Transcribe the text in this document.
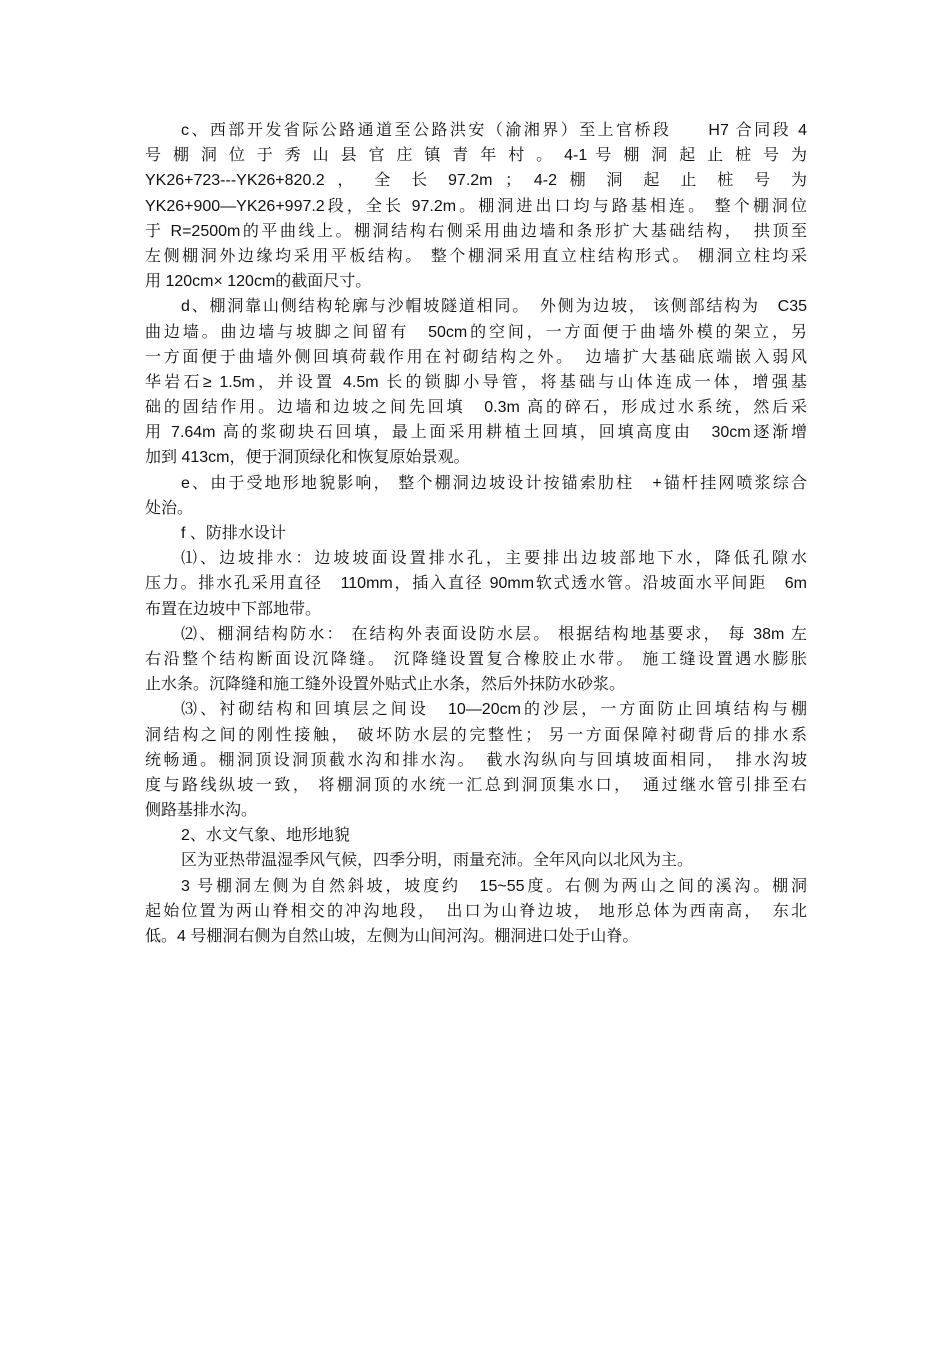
c、西部开发省际公路通道至公路洪安（渝湘界）至上官桥段　　H7 合同段 4
号 棚 洞 位 于 秀 山 县 官 庄 镇 青 年 村 。 4-1 号 棚 洞 起 止 桩 号 为
YK26+723---YK26+820.2 ， 全 长 97.2m ； 4-2 棚 洞 起 止 桩 号 为
YK26+900—YK26+997.2段，全长 97.2m。棚洞进出口均与路基相连。 整个棚洞位
于 R=2500m的平曲线上。棚洞结构右侧采用曲边墙和条形扩大基础结构，　拱顶至
左侧棚洞外边缘均采用平板结构。 整个棚洞采用直立柱结构形式。 棚洞立柱均采
用 120cm× 120cm的截面尺寸。
d、棚洞靠山侧结构轮廓与沙帽坡隧道相同。　外侧为边坡， 该侧部结构为　C35
曲边墙。曲边墙与坡脚之间留有　50cm的空间，一方面便于曲墙外模的架立，另
一方面便于曲墙外侧回填荷载作用在衬砌结构之外。　边墙扩大基础底端嵌入弱风
华岩石≥ 1.5m，并设置 4.5m 长的锁脚小导管，将基础与山体连成一体，增强基
础的固结作用。边墙和边坡之间先回填　0.3m 高的碎石，形成过水系统，然后采
用 7.64m 高的浆砌块石回填，最上面采用耕植土回填，回填高度由　30cm逐渐增
加到 413cm，便于洞顶绿化和恢复原始景观。
e、由于受地形地貌影响， 整个棚洞边坡设计按锚索肋柱　+锚杆挂网喷浆综合
处治。
f 、防排水设计
⑴、边坡排水：边坡坡面设置排水孔，主要排出边坡部地下水，降低孔隙水
压力。排水孔采用直径　110mm，插入直径 90mm软式透水管。沿坡面水平间距　6m
布置在边坡中下部地带。
⑵、棚洞结构防水： 在结构外表面设防水层。 根据结构地基要求， 每 38m 左
右沿整个结构断面设沉降缝。 沉降缝设置复合橡胶止水带。 施工缝设置遇水膨胀
止水条。沉降缝和施工缝外设置外贴式止水条，然后外抹防水砂浆。
⑶、衬砌结构和回填层之间设　10—20cm的沙层，一方面防止回填结构与棚
洞结构之间的刚性接触， 破坏防水层的完整性； 另一方面保障衬砌背后的排水系
统畅通。棚洞顶设洞顶截水沟和排水沟。　截水沟纵向与回填坡面相同，　排水沟坡
度与路线纵坡一致， 将棚洞顶的水统一汇总到洞顶集水口，　通过继水管引排至右
侧路基排水沟。
2、水文气象、地形地貌
区为亚热带温湿季风气候，四季分明，雨量充沛。全年风向以北风为主。
3 号棚洞左侧为自然斜坡，坡度约　15~55度。右侧为两山之间的溪沟。棚洞
起始位置为两山脊相交的冲沟地段，　出口为山脊边坡， 地形总体为西南高，　东北
低。4 号棚洞右侧为自然山坡，左侧为山间河沟。棚洞进口处于山脊。
